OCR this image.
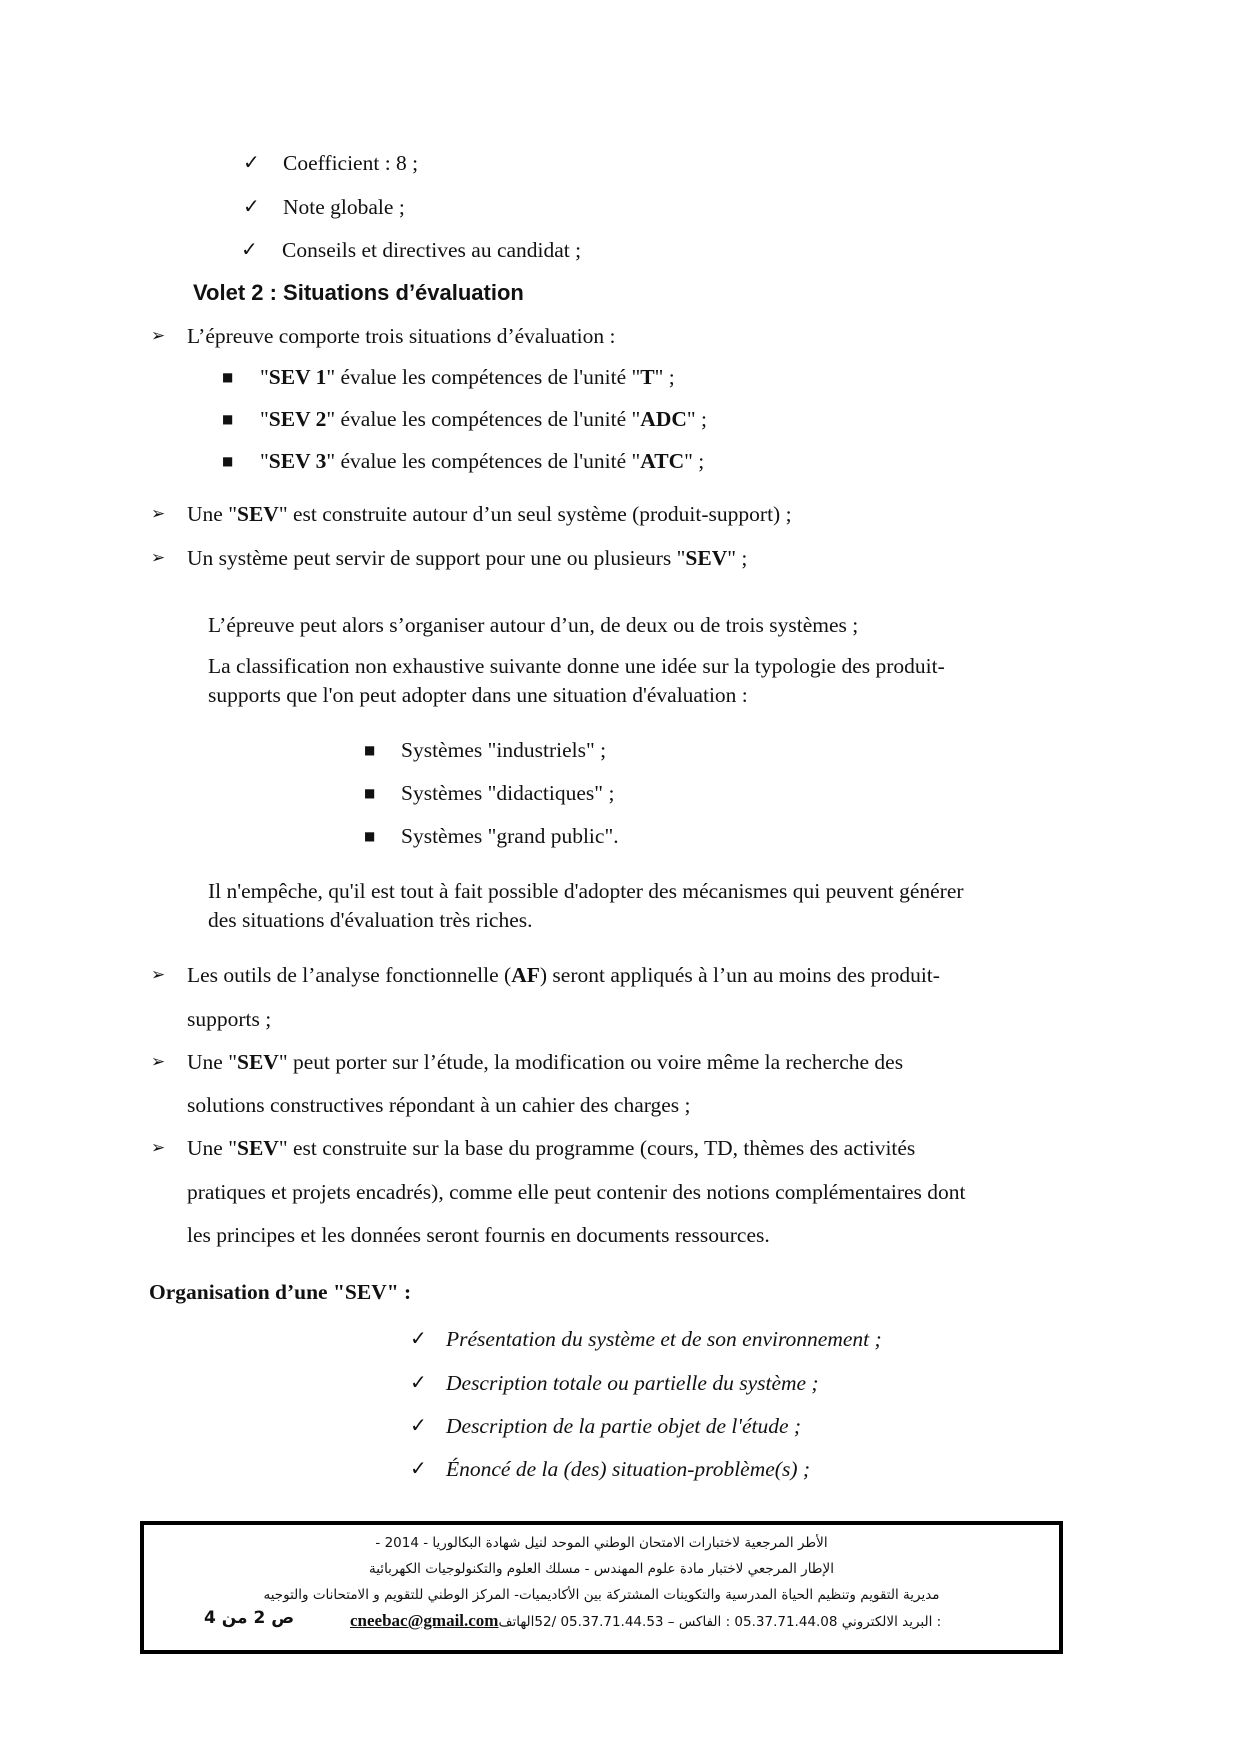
✓ Coefficient : 8 ;
✓ Note globale ;
✓ Conseils et directives au candidat ;
Volet 2 : Situations d’évaluation
➢ L’épreuve comporte trois situations d’évaluation :
■ "SEV 1" évalue les compétences de l'unité "T" ;
■ "SEV 2" évalue les compétences de l'unité "ADC" ;
■ "SEV 3" évalue les compétences de l'unité "ATC" ;
➢ Une "SEV" est construite autour d’un seul système (produit-support) ;
➢ Un système peut servir de support pour une ou plusieurs "SEV" ;
L’épreuve peut alors s’organiser autour d’un, de deux ou de trois systèmes ;
La classification non exhaustive suivante donne une idée sur la typologie des produit-
supports que l'on peut adopter dans une situation d'évaluation :
■ Systèmes "industriels" ;
■ Systèmes "didactiques" ;
■ Systèmes "grand public".
Il n'empêche, qu'il est tout à fait possible d'adopter des mécanismes qui peuvent générer
des situations d'évaluation très riches.
➢ Les outils de l’analyse fonctionnelle (AF) seront appliqués à l’un au moins des produit-
supports ;
➢ Une "SEV" peut porter sur l’étude, la modification ou voire même la recherche des
solutions constructives répondant à un cahier des charges ;
➢ Une "SEV" est construite sur la base du programme (cours, TD, thèmes des activités
pratiques et projets encadrés), comme elle peut contenir des notions complémentaires dont
les principes et les données seront fournis en documents ressources.
Organisation d’une "SEV" :
✓ Présentation du système et de son environnement ;
✓ Description totale ou partielle du système ;
✓ Description de la partie objet de l'étude ;
✓ Énoncé de la (des) situation-problème(s) ;
الأطر المرجعية لاختبارات الامتحان الوطني الموحد لنيل شهادة البكالوريا - 2014 -
الإطار المرجعي لاختبار مادة علوم المهندس - مسلك العلوم والتكنولوجيات الكهربائية
مديرية التقويم وتنظيم الحياة المدرسية والتكوينات المشتركة بين الأكاديميات- المركز الوطني للتقويم و الامتحانات والتوجيه
ص 2 من 4	cneebac@gmail.com : البريد الالكتروني 05.37.71.44.08 : الفاكس – 05.37.71.44.53 /52الهاتف
